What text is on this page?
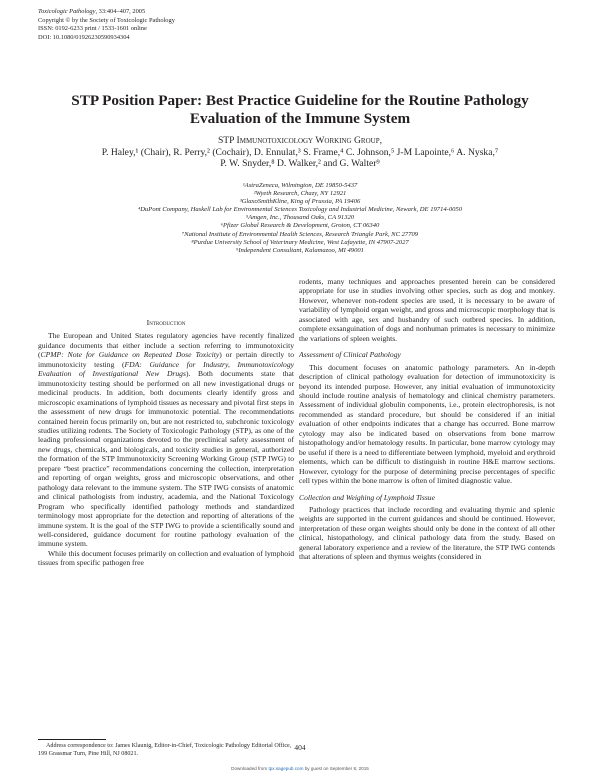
Toxicologic Pathology, 33:404–407, 2005
Copyright © by the Society of Toxicologic Pathology
ISSN: 0192-6233 print / 1533-1601 online
DOI: 10.1080/01926230590934304
STP Position Paper: Best Practice Guideline for the Routine Pathology
Evaluation of the Immune System
STP Immunotoxicology Working Group,
P. Haley,¹ (Chair), R. Perry,² (Cochair), D. Ennulat,³ S. Frame,⁴ C. Johnson,⁵ J-M Lapointe,⁶ A. Nyska,⁷
P. W. Snyder,⁸ D. Walker,² and G. Walter⁹
¹AstraZeneca, Wilmington, DE 19850-5437
²Wyeth Research, Chazy, NY 12921
³GlaxoSmithKline, King of Prussia, PA 19406
⁴DuPont Company, Haskell Lab for Environmental Sciences Toxicology and Industrial Medicine, Newark, DE 19714-0050
⁵Amgen, Inc., Thousand Oaks, CA 91320
⁶Pfizer Global Research & Development, Groton, CT 06340
⁷National Institute of Environmental Health Sciences, Research Triangle Park, NC 27709
⁸Purdue University School of Veterinary Medicine, West Lafayette, IN 47907-2027
⁹Independent Consultant, Kalamazoo, MI 49001
Introduction

The European and United States regulatory agencies have recently finalized guidance documents that either include a section referring to immunotoxicity (CPMP: Note for Guidance on Repeated Dose Toxicity) or pertain directly to immunotoxicity testing (FDA: Guidance for Industry, Immunotoxicology Evaluation of Investigational New Drugs). Both documents state that immunotoxicity testing should be performed on all new investigational drugs or medicinal products. In addition, both documents clearly identify gross and microscopic examinations of lymphoid tissues as necessary and pivotal first steps in the assessment of new drugs for immunotoxic potential. The recommendations contained herein focus primarily on, but are not restricted to, subchronic toxicology studies utilizing rodents. The Society of Toxicologic Pathology (STP), as one of the leading professional organizations devoted to the preclinical safety assessment of new drugs, chemicals, and biologicals, and toxicity studies in general, authorized the formation of the STP Immunotoxicity Screening Working Group (STP IWG) to prepare “best practice” recommendations concerning the collection, interpretation and reporting of organ weights, gross and microscopic observations, and other pathology data relevant to the immune system. The STP IWG consists of anatomic and clinical pathologists from industry, academia, and the National Toxicology Program who specifically identified pathology methods and standardized terminology most appropriate for the detection and reporting of alterations of the immune system. It is the goal of the STP IWG to provide a scientifically sound and well-considered, guidance document for routine pathology evaluation of the immune system.

While this document focuses primarily on collection and evaluation of lymphoid tissues from specific pathogen free

rodents, many techniques and approaches presented herein can be considered appropriate for use in studies involving other species, such as dog and monkey. However, whenever non-rodent species are used, it is necessary to be aware of variability of lymphoid organ weight, and gross and microscopic morphology that is associated with age, sex and husbandry of such outbred species. In addition, complete exsanguination of dogs and nonhuman primates is necessary to minimize the variations of spleen weights.

Assessment of Clinical Pathology

This document focuses on anatomic pathology parameters. An in-depth description of clinical pathology evaluation for detection of immunotoxicity is beyond its intended purpose. However, any initial evaluation of immunotoxicity should include routine analysis of hematology and clinical chemistry parameters. Assessment of individual globulin components, i.e., protein electrophoresis, is not recommended as standard procedure, but should be considered if an initial evaluation of other endpoints indicates that a change has occurred. Bone marrow cytology may also be indicated based on observations from bone marrow histopathology and/or hematology results. In particular, bone marrow cytology may be useful if there is a need to differentiate between lymphoid, myeloid and erythroid elements, which can be difficult to distinguish in routine H&E marrow sections. However, cytology for the purpose of determining precise percentages of specific cell types within the bone marrow is often of limited diagnostic value.

Collection and Weighing of Lymphoid Tissue

Pathology practices that include recording and evaluating thymic and splenic weights are supported in the current guidances and should be continued. However, interpretation of these organ weights should only be done in the context of all other clinical, histopathology, and clinical pathology data from the study. Based on general laboratory experience and a review of the literature, the STP IWG contends that alterations of spleen and thymus weights (considered in

Address correspondence to: James Klaunig, Editor-in-Chief, Toxicologic Pathology Editorial Office, 199 Grassmar Turn, Pine Hill, NJ 08021.
404
Downloaded from tpx.sagepub.com by guest on September 8, 2015
